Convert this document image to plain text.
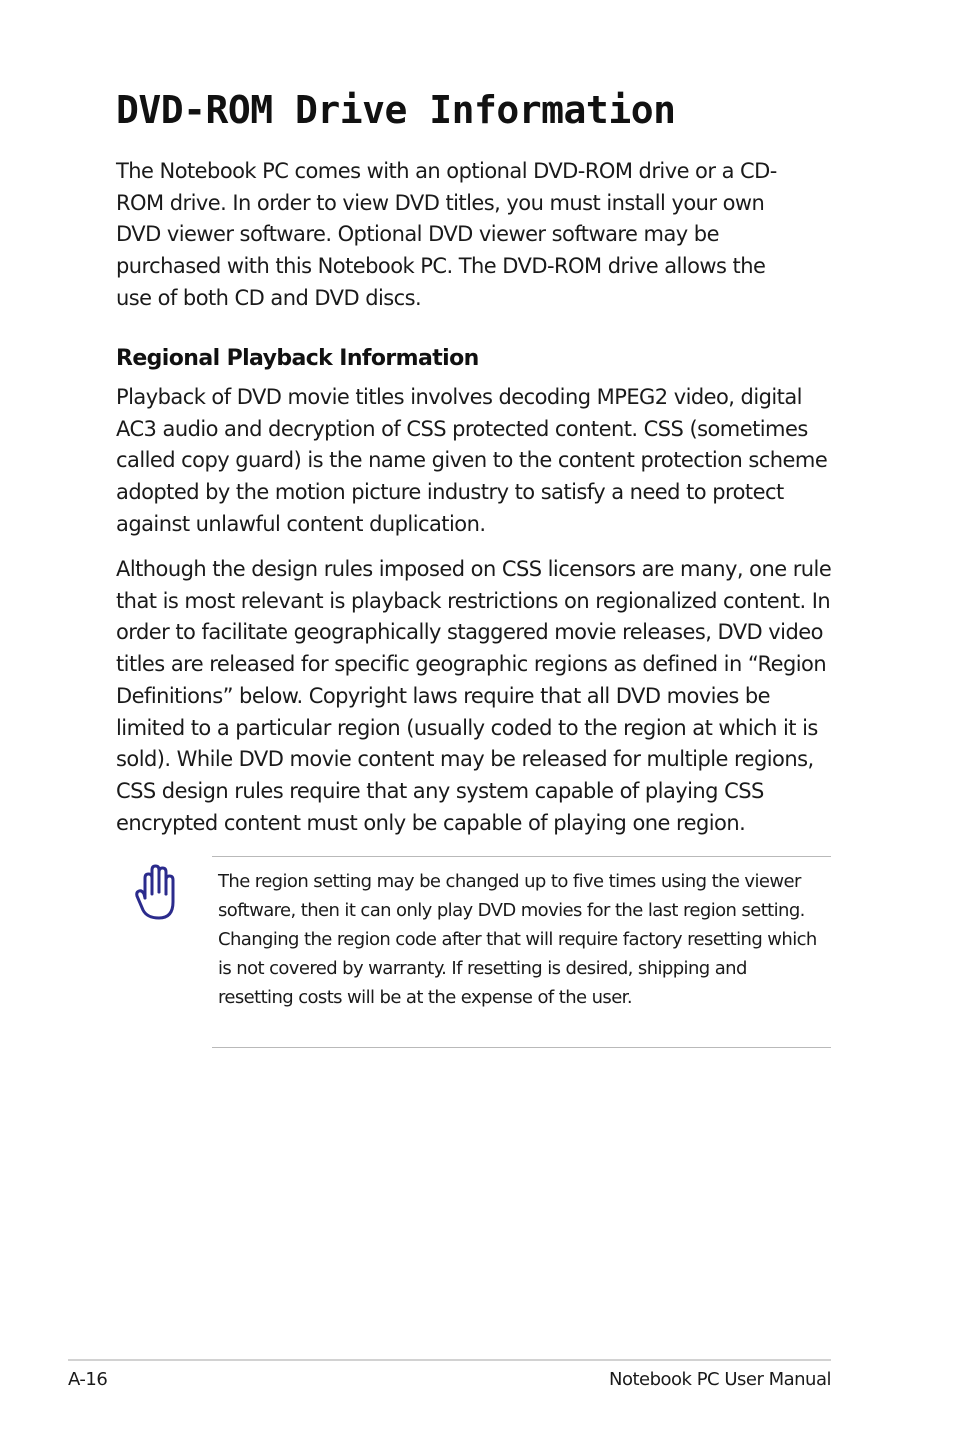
DVD-ROM Drive Information

The Notebook PC comes with an optional DVD-ROM drive or a CD-ROM drive. In order to view DVD titles, you must install your own DVD viewer software. Optional DVD viewer software may be purchased with this Notebook PC. The DVD-ROM drive allows the use of both CD and DVD discs.

Regional Playback Information

Playback of DVD movie titles involves decoding MPEG2 video, digital AC3 audio and decryption of CSS protected content. CSS (sometimes called copy guard) is the name given to the content protection scheme adopted by the motion picture industry to satisfy a need to protect against unlawful content duplication.

Although the design rules imposed on CSS licensors are many, one rule that is most relevant is playback restrictions on regionalized content. In order to facilitate geographically staggered movie releases, DVD video titles are released for specific geographic regions as defined in “Region Definitions” below. Copyright laws require that all DVD movies be limited to a particular region (usually coded to the region at which it is sold). While DVD movie content may be released for multiple regions, CSS design rules require that any system capable of playing CSS encrypted content must only be capable of playing one region.

The region setting may be changed up to five times using the viewer software, then it can only play DVD movies for the last region setting. Changing the region code after that will require factory resetting which is not covered by warranty. If resetting is desired, shipping and resetting costs will be at the expense of the user.

A-16	Notebook PC User Manual
